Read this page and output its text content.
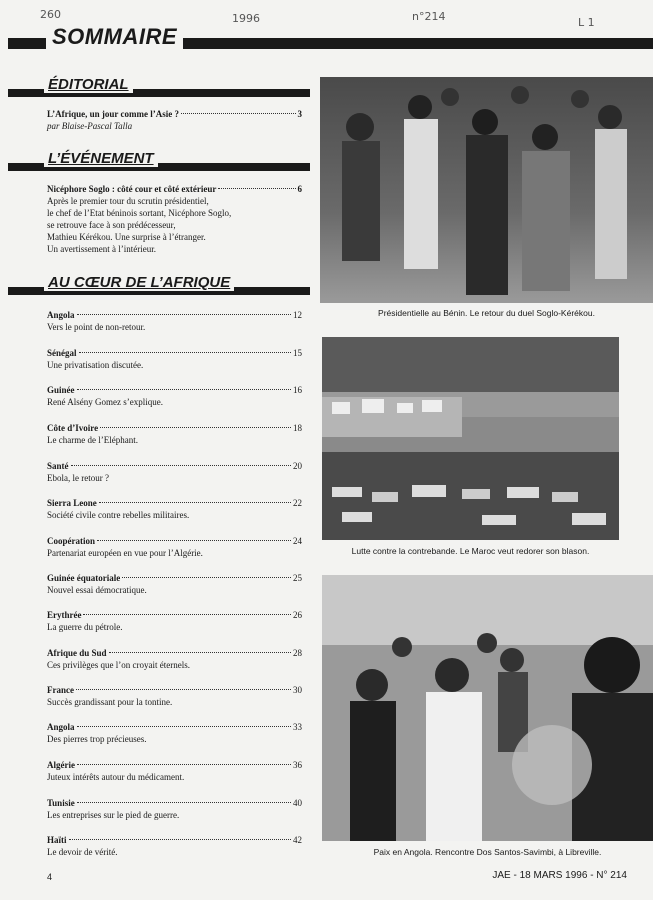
260	1996	n°214	L 1
SOMMAIRE
ÉDITORIAL
L’Afrique, un jour comme l’Asie ?	3
par Blaise-Pascal Talla
L’ÉVÉNEMENT
Nicéphore Soglo : côté cour et côté extérieur	6
Après le premier tour du scrutin présidentiel,
le chef de l’Etat béninois sortant, Nicéphore Soglo,
se retrouve face à son prédécesseur,
Mathieu Kérékou. Une surprise à l’étranger.
Un avertissement à l’intérieur.
AU CŒUR DE L’AFRIQUE
Angola	12
Vers le point de non-retour.
Sénégal	15
Une privatisation discutée.
Guinée	16
René Alsény Gomez s’explique.
Côte d’Ivoire	18
Le charme de l’Eléphant.
Santé	20
Ebola, le retour ?
Sierra Leone	22
Société civile contre rebelles militaires.
Coopération	24
Partenariat européen en vue pour l’Algérie.
Guinée équatoriale	25
Nouvel essai démocratique.
Erythrée	26
La guerre du pétrole.
Afrique du Sud	28
Ces privilèges que l’on croyait éternels.
France	30
Succès grandissant pour la tontine.
Angola	33
Des pierres trop précieuses.
Algérie	36
Juteux intérêts autour du médicament.
Tunisie	40
Les entreprises sur le pied de guerre.
Haïti	42
Le devoir de vérité.
Présidentielle au Bénin. Le retour du duel Soglo-Kérékou.
Lutte contre la contrebande. Le Maroc veut redorer son blason.
Paix en Angola. Rencontre Dos Santos-Savimbi, à Libreville.
4	JAE - 18 MARS 1996 - N° 214
